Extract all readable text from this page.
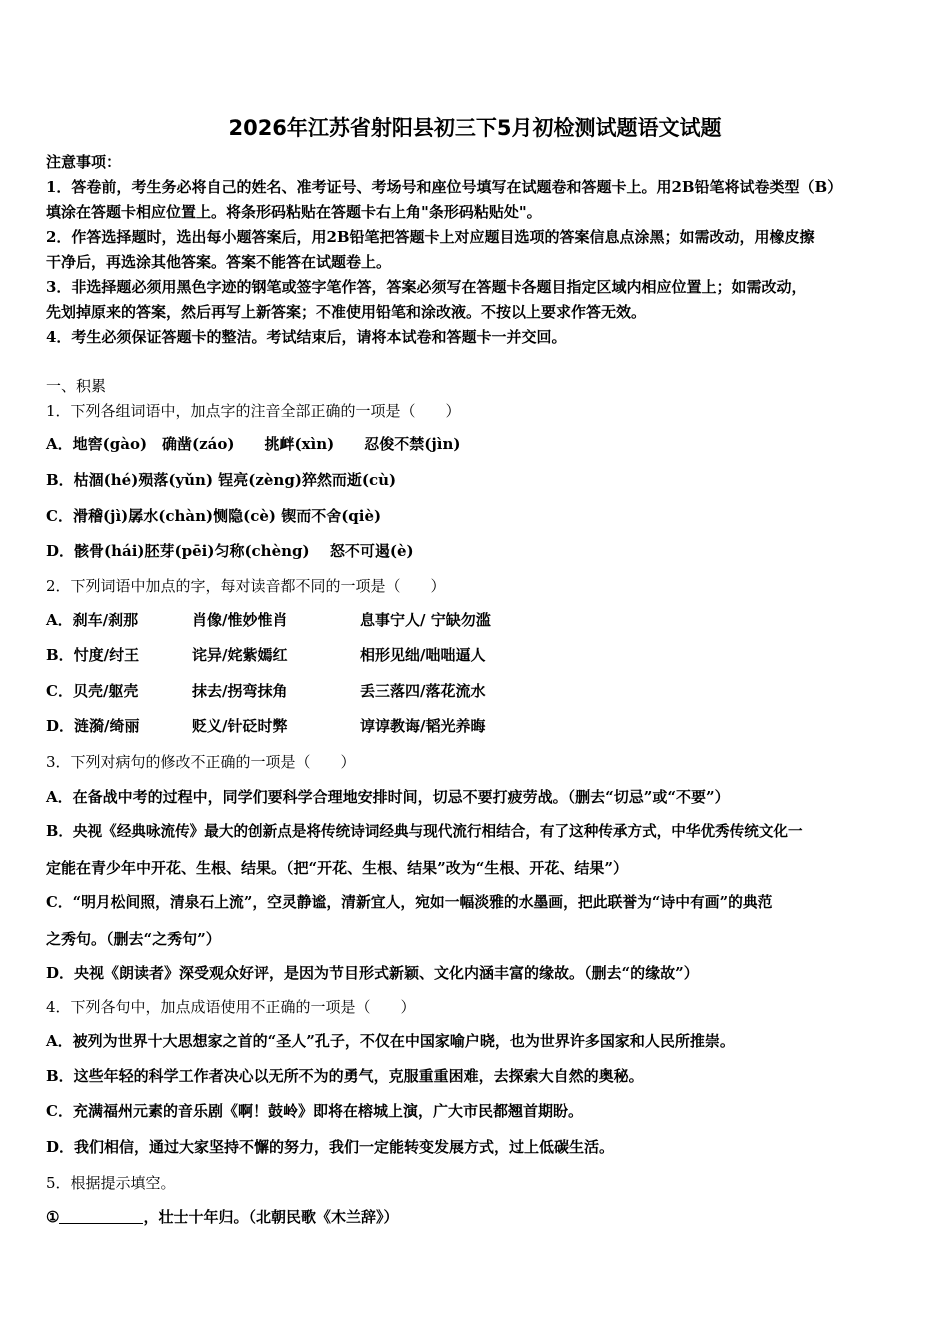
2026年江苏省射阳县初三下5月初检测试题语文试题
注意事项：
1．答卷前，考生务必将自己的姓名、准考证号、考场号和座位号填写在试题卷和答题卡上。用2B铅笔将试卷类型（B）
填涂在答题卡相应位置上。将条形码粘贴在答题卡右上角"条形码粘贴处"。
2．作答选择题时，选出每小题答案后，用2B铅笔把答题卡上对应题目选项的答案信息点涂黑；如需改动，用橡皮擦
干净后，再选涂其他答案。答案不能答在试题卷上。
3．非选择题必须用黑色字迹的钢笔或签字笔作答，答案必须写在答题卡各题目指定区域内相应位置上；如需改动，
先划掉原来的答案，然后再写上新答案；不准使用铅笔和涂改液。不按以上要求作答无效。
4．考生必须保证答题卡的整洁。考试结束后，请将本试卷和答题卡一并交回。
一、积累
1．下列各组词语中，加点字的注音全部正确的一项是（　　）
A．地窖(gào)　确凿(záo)　　挑衅(xìn)　　忍俊不禁(jìn)
B．枯涸(hé)殒落(yǔn) 锃亮(zèng)猝然而逝(cù)
C．滑稽(jì)孱水(chàn)恻隐(cè) 锲而不舍(qiè)
D．骸骨(hái)胚芽(pēi)匀称(chèng)　 怒不可遏(è)
2．下列词语中加点的字，每对读音都不同的一项是（　　）
A．刹车/刹那	肖像/惟妙惟肖	息事宁人/ 宁缺勿滥
B．忖度/纣王	诧异/姹紫嫣红	相形见绌/咄咄逼人
C．贝壳/躯壳	抹去/拐弯抹角	丢三落四/落花流水
D．涟漪/绮丽	贬义/针砭时弊	谆谆教诲/韬光养晦
3．下列对病句的修改不正确的一项是（　　）
A．在备战中考的过程中，同学们要科学合理地安排时间，切忌不要打疲劳战。（删去“切忌”或“不要”）
B．央视《经典咏流传》最大的创新点是将传统诗词经典与现代流行相结合，有了这种传承方式，中华优秀传统文化一
定能在青少年中开花、生根、结果。（把“开花、生根、结果”改为“生根、开花、结果”）
C．“明月松间照，清泉石上流”，空灵静谧，清新宜人，宛如一幅淡雅的水墨画，把此联誉为“诗中有画”的典范
之秀句。（删去“之秀句”）
D．央视《朗读者》深受观众好评，是因为节目形式新颖、文化内涵丰富的缘故。（删去“的缘故”）
4．下列各句中，加点成语使用不正确的一项是（　　）
A．被列为世界十大思想家之首的“圣人”孔子，不仅在中国家喻户晓，也为世界许多国家和人民所推崇。
B．这些年轻的科学工作者决心以无所不为的勇气，克服重重困难，去探索大自然的奥秘。
C．充满福州元素的音乐剧《啊！鼓岭》即将在榕城上演，广大市民都翘首期盼。
D．我们相信，通过大家坚持不懈的努力，我们一定能转变发展方式，过上低碳生活。
5．根据提示填空。
①	，壮士十年归。（北朝民歌《木兰辞》）
